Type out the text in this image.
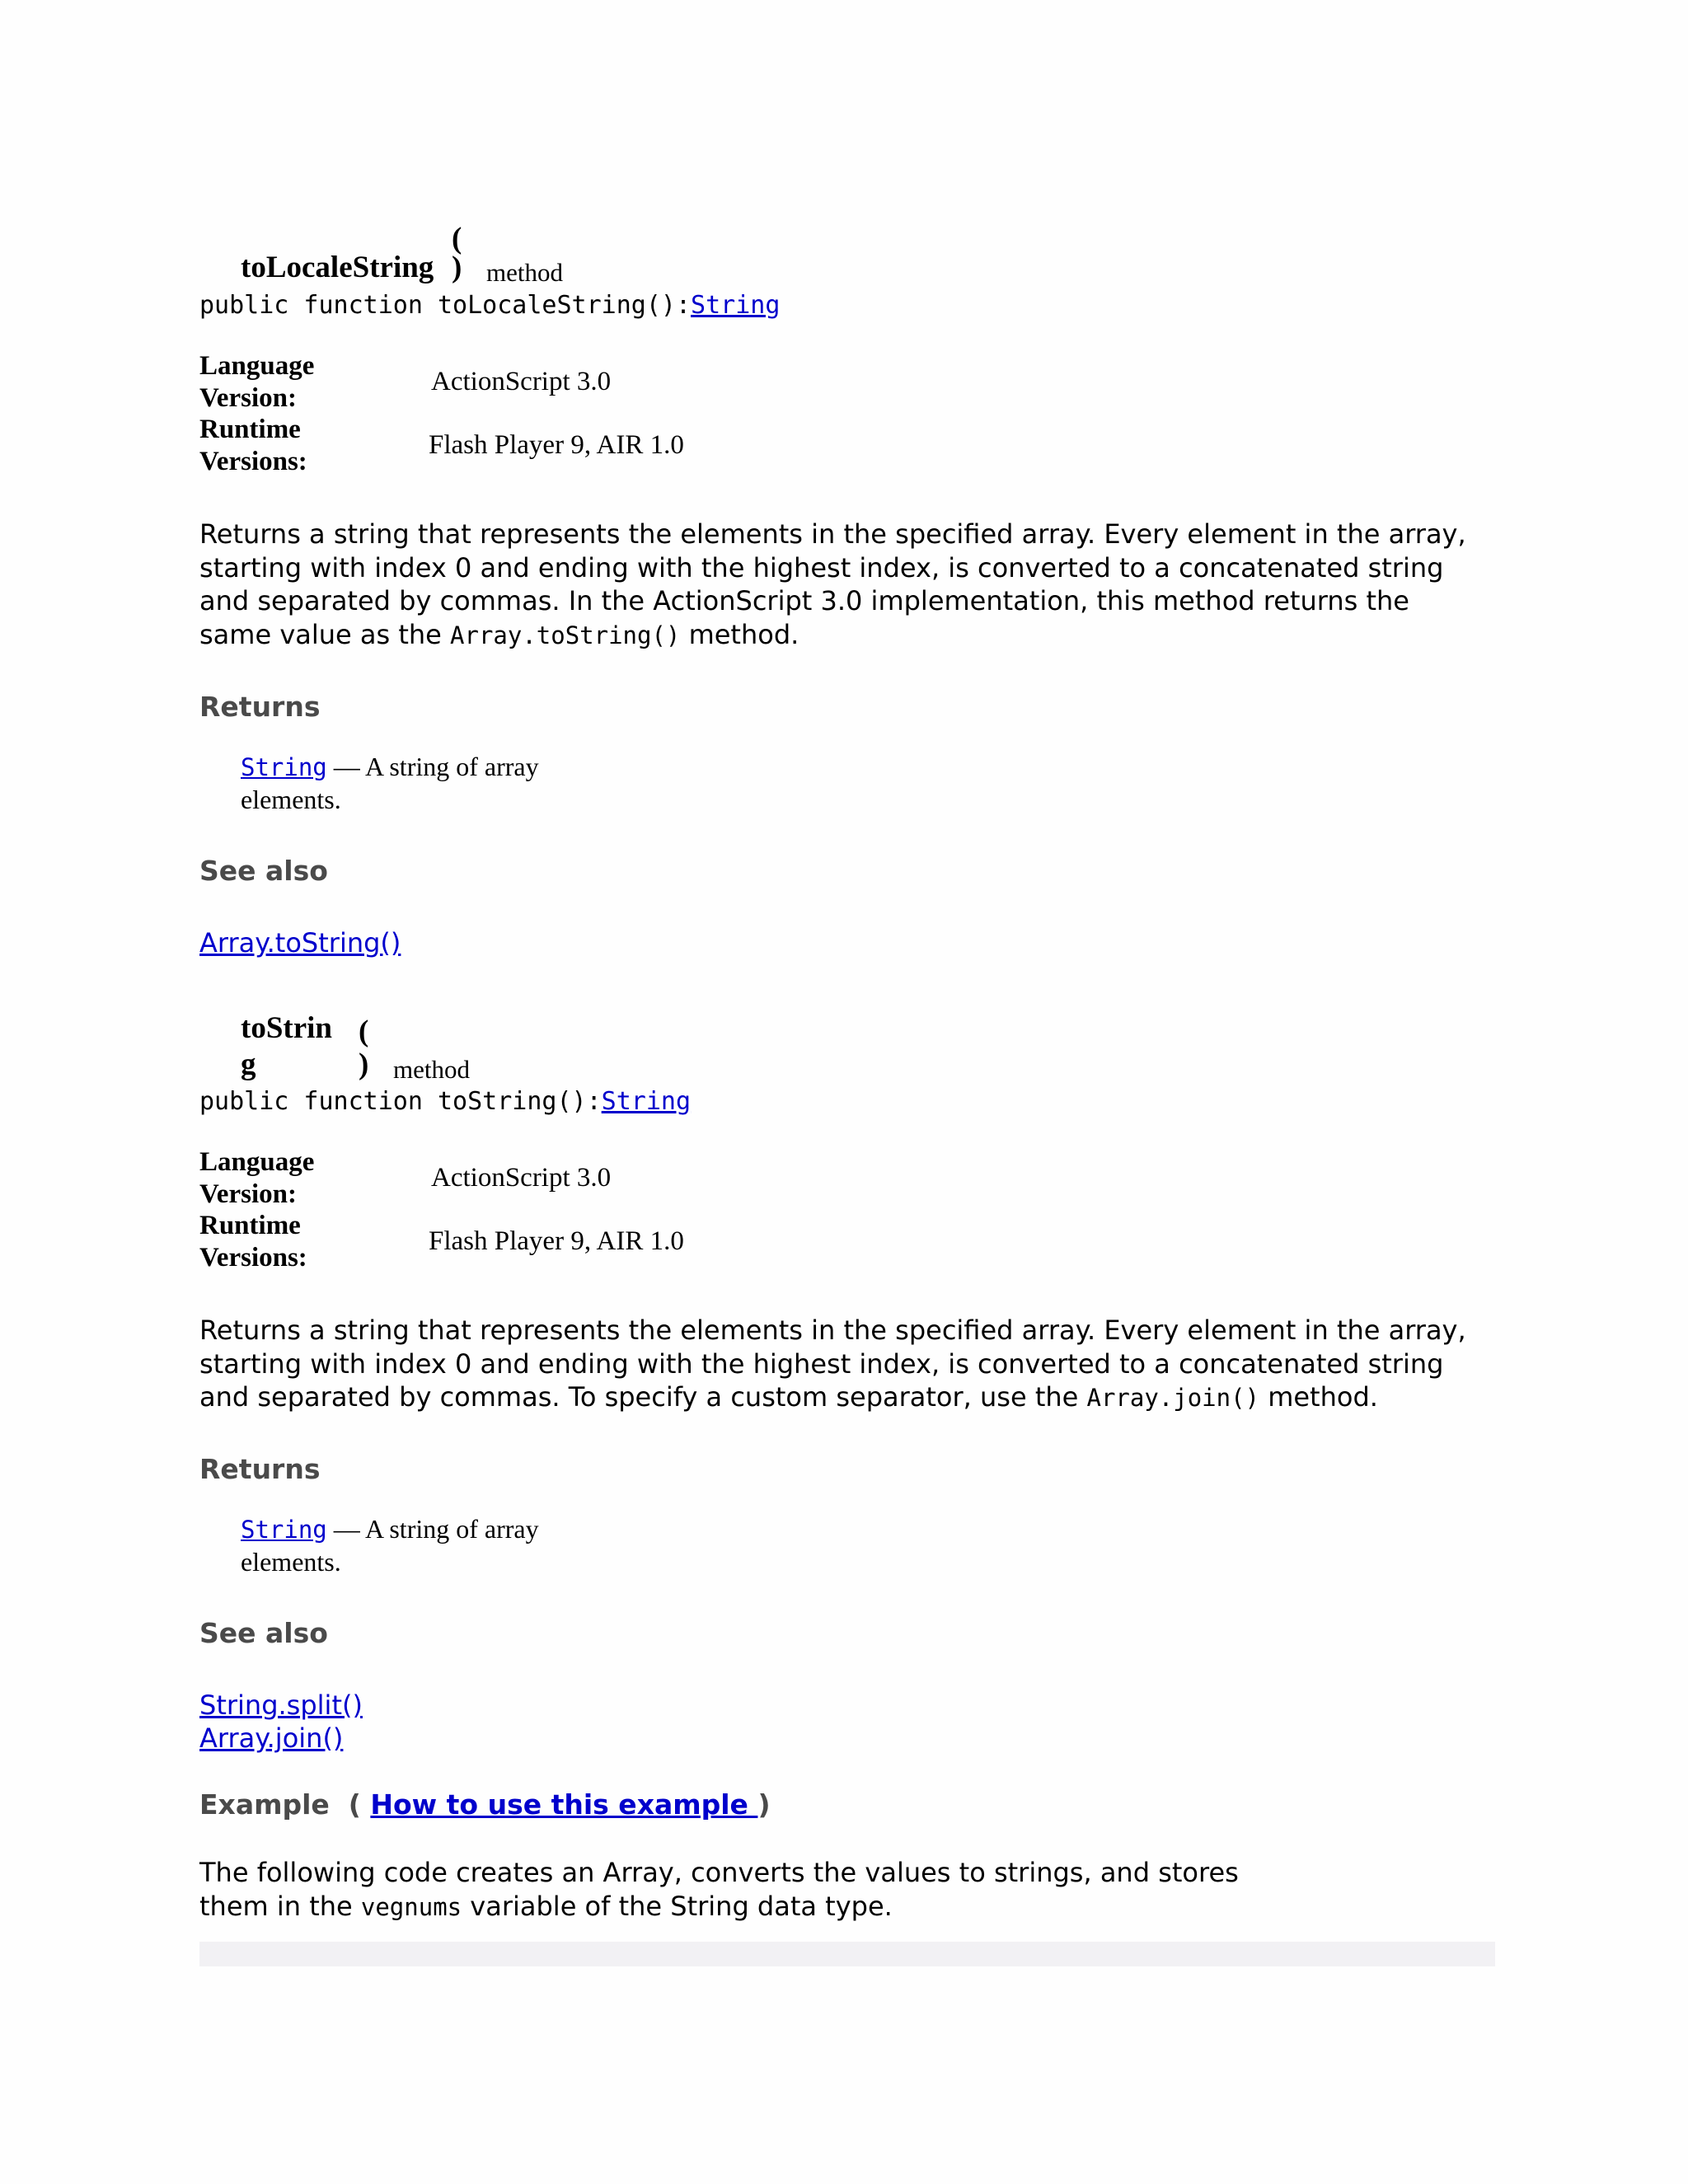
(
toLocaleString ) method
public function toLocaleString():String
Language Version:
ActionScript 3.0
Runtime Versions:
Flash Player 9, AIR 1.0
Returns a string that represents the elements in the specified array. Every element in the array, starting with index 0 and ending with the highest index, is converted to a concatenated string and separated by commas. In the ActionScript 3.0 implementation, this method returns the same value as the Array.toString() method.
Returns
String — A string of array elements.
See also
Array.toString()
toStrin (
g	) method
public function toString():String
Language Version:
ActionScript 3.0
Runtime Versions:
Flash Player 9, AIR 1.0
Returns a string that represents the elements in the specified array. Every element in the array, starting with index 0 and ending with the highest index, is converted to a concatenated string and separated by commas. To specify a custom separator, use the Array.join() method.
Returns
String — A string of array elements.
See also
String.split()
Array.join()
Example ( How to use this example )
The following code creates an Array, converts the values to strings, and stores them in the vegnums variable of the String data type.
